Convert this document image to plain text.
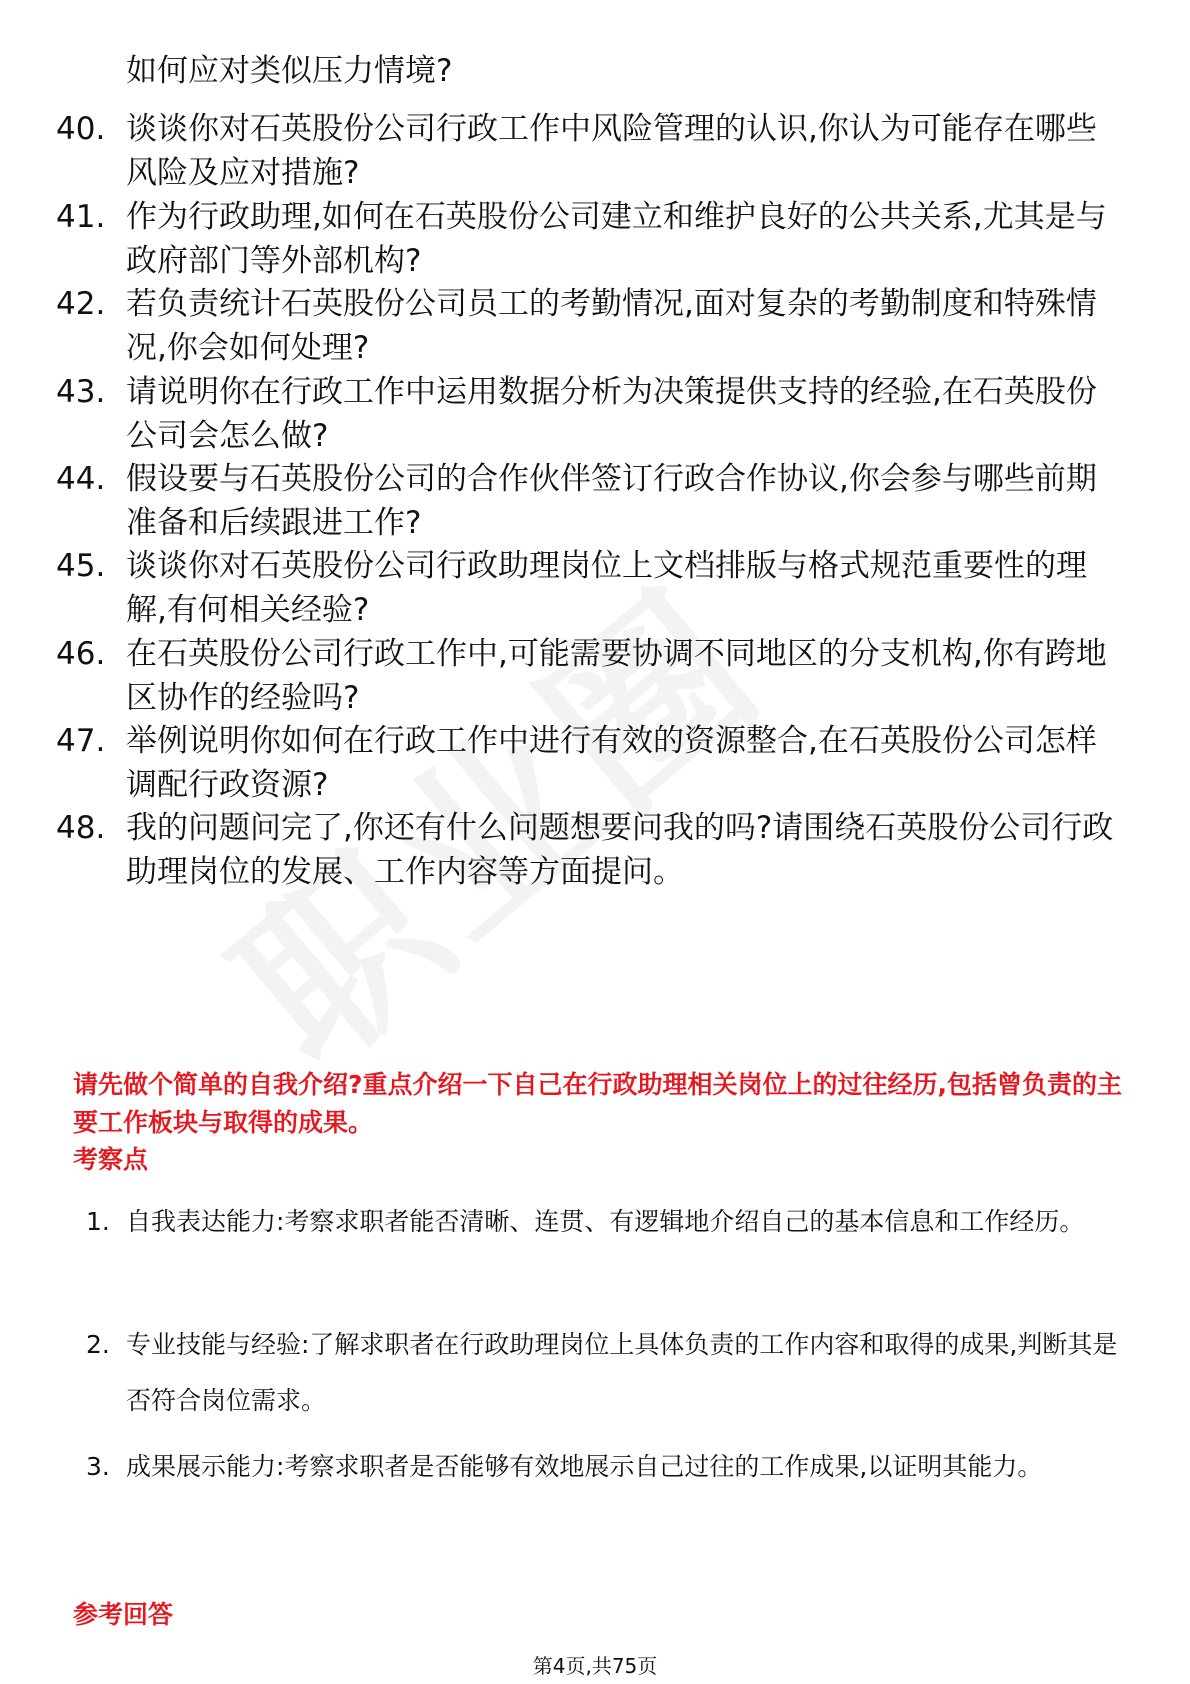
如何应对类似压力情境?

40. 谈谈你对石英股份公司行政工作中风险管理的认识,你认为可能存在哪些风险及应对措施?
41. 作为行政助理,如何在石英股份公司建立和维护良好的公共关系,尤其是与政府部门等外部机构?
42. 若负责统计石英股份公司员工的考勤情况,面对复杂的考勤制度和特殊情况,你会如何处理?
43. 请说明你在行政工作中运用数据分析为决策提供支持的经验,在石英股份公司会怎么做?
44. 假设要与石英股份公司的合作伙伴签订行政合作协议,你会参与哪些前期准备和后续跟进工作?
45. 谈谈你对石英股份公司行政助理岗位上文档排版与格式规范重要性的理解,有何相关经验?
46. 在石英股份公司行政工作中,可能需要协调不同地区的分支机构,你有跨地区协作的经验吗?
47. 举例说明你如何在行政工作中进行有效的资源整合,在石英股份公司怎样调配行政资源?
48. 我的问题问完了,你还有什么问题想要问我的吗?请围绕石英股份公司行政助理岗位的发展、工作内容等方面提问。
请先做个简单的自我介绍?重点介绍一下自己在行政助理相关岗位上的过往经历,包括曾负责的主要工作板块与取得的成果。
考察点
1. 自我表达能力:考察求职者能否清晰、连贯、有逻辑地介绍自己的基本信息和工作经历。
2. 专业技能与经验:了解求职者在行政助理岗位上具体负责的工作内容和取得的成果,判断其是否符合岗位需求。
3. 成果展示能力:考察求职者是否能够有效地展示自己过往的工作成果,以证明其能力。
参考回答
第4页,共75页
